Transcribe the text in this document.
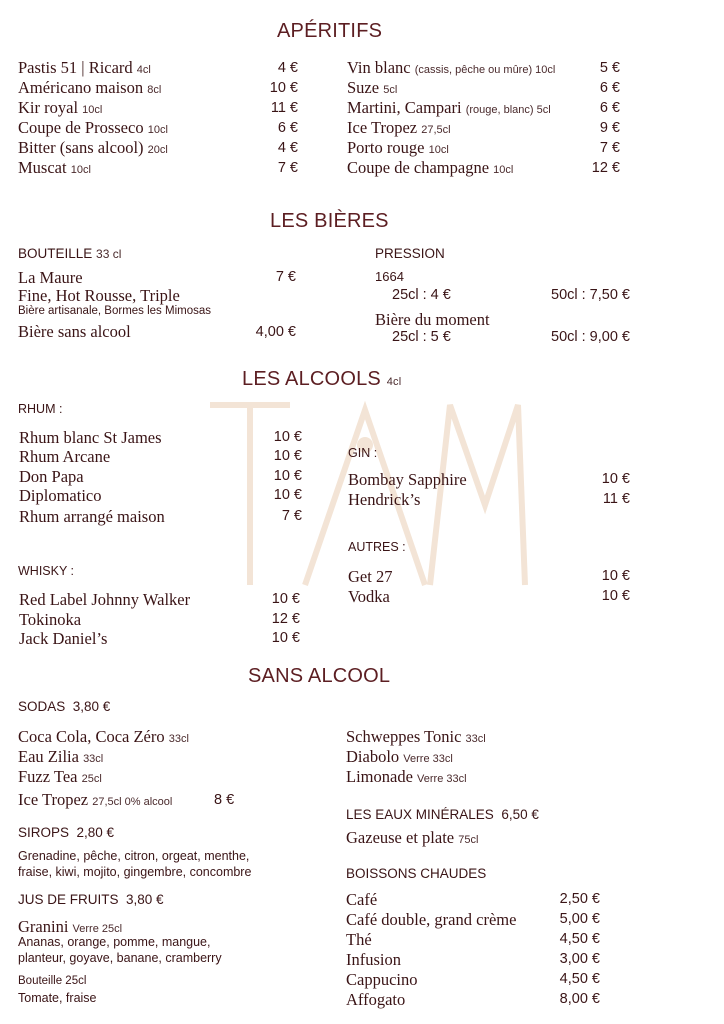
APÉRITIFS
Pastis 51 | Ricard 4cl	4 €
Américano maison 8cl	10 €
Kir royal 10cl	11 €
Coupe de Prosseco 10cl	6 €
Bitter (sans alcool) 20cl	4 €
Muscat 10cl	7 €
Vin blanc (cassis, pêche ou mûre) 10cl	5 €
Suze 5cl	6 €
Martini, Campari (rouge, blanc) 5cl	6 €
Ice Tropez 27,5cl	9 €
Porto rouge 10cl	7 €
Coupe de champagne 10cl	12 €
LES BIÈRES
BOUTEILLE 33 cl
La Maure	7 €
Fine, Hot Rousse, Triple
Bière artisanale, Bormes les Mimosas
Bière sans alcool	4,00 €
PRESSION
1664
25cl : 4 €	50cl : 7,50 €
Bière du moment
25cl : 5 €	50cl : 9,00 €
LES ALCOOLS 4cl
RHUM :
Rhum blanc St James	10 €
Rhum Arcane	10 €
Don Papa	10 €
Diplomatico	10 €
Rhum arrangé maison	7 €
GIN :
Bombay Sapphire	10 €
Hendrick’s	11 €
AUTRES :
Get 27	10 €
Vodka	10 €
WHISKY :
Red Label Johnny Walker	10 €
Tokinoka	12 €
Jack Daniel’s	10 €
SANS ALCOOL
SODAS 3,80 €
Coca Cola, Coca Zéro 33cl
Eau Zilia 33cl
Fuzz Tea 25cl
Ice Tropez 27,5cl 0% alcool	8 €
Schweppes Tonic 33cl
Diabolo Verre 33cl
Limonade Verre 33cl
SIROPS 2,80 €
Grenadine, pêche, citron, orgeat, menthe,
fraise, kiwi, mojito, gingembre, concombre
JUS DE FRUITS 3,80 €
Granini Verre 25cl
Ananas, orange, pomme, mangue,
planteur, goyave, banane, cramberry
Bouteille 25cl
Tomate, fraise
LES EAUX MINÉRALES 6,50 €
Gazeuse et plate 75cl
BOISSONS CHAUDES
Café	2,50 €
Café double, grand crème	5,00 €
Thé	4,50 €
Infusion	3,00 €
Cappucino	4,50 €
Affogato	8,00 €
